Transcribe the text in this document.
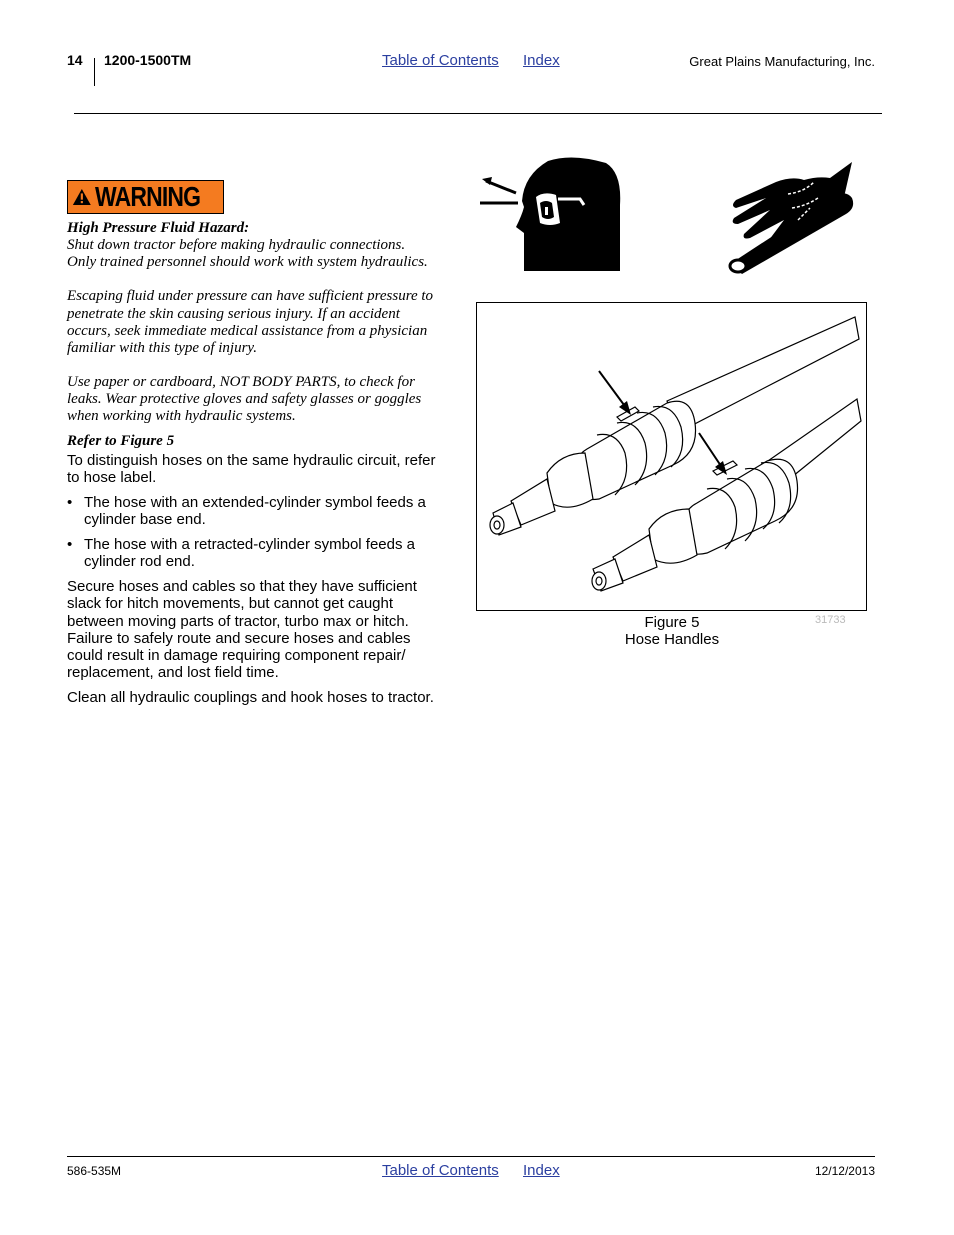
14 1200-1500TM	Table of Contents Index	Great Plains Manufacturing, Inc.
WARNING
High Pressure Fluid Hazard:
Shut down tractor before making hydraulic connections.
Only trained personnel should work with system hydraulics.
Escaping fluid under pressure can have sufficient pressure to
penetrate the skin causing serious injury. If an accident
occurs, seek immediate medical assistance from a physician
familiar with this type of injury.
Use paper or cardboard, NOT BODY PARTS, to check for
leaks. Wear protective gloves and safety glasses or goggles
when working with hydraulic systems.
Refer to Figure 5
To distinguish hoses on the same hydraulic circuit, refer
to hose label.
• The hose with an extended-cylinder symbol feeds a
cylinder base end.
• The hose with a retracted-cylinder symbol feeds a
cylinder rod end.
Secure hoses and cables so that they have sufficient
slack for hitch movements, but cannot get caught
between moving parts of tractor, turbo max or hitch.
Failure to safely route and secure hoses and cables
could result in damage requiring component repair/
replacement, and lost field time.
Clean all hydraulic couplings and hook hoses to tractor.
Figure 5
Hose Handles
31733
586-535M	Table of Contents Index	12/12/2013
